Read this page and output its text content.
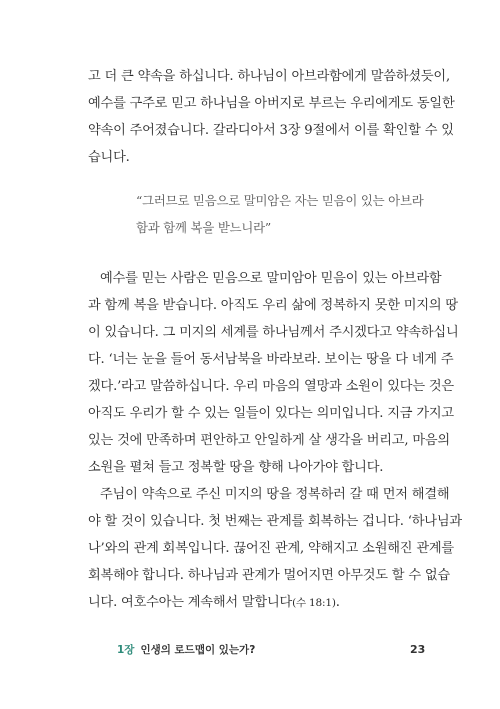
고 더 큰 약속을 하십니다. 하나님이 아브라함에게 말씀하셨듯이,
예수를 구주로 믿고 하나님을 아버지로 부르는 우리에게도 동일한
약속이 주어졌습니다. 갈라디아서 3장 9절에서 이를 확인할 수 있
습니다.
“그러므로 믿음으로 말미암은 자는 믿음이 있는 아브라
함과 함께 복을 받느니라”
예수를 믿는 사람은 믿음으로 말미암아 믿음이 있는 아브라함
과 함께 복을 받습니다. 아직도 우리 삶에 정복하지 못한 미지의 땅
이 있습니다. 그 미지의 세계를 하나님께서 주시겠다고 약속하십니
다. ‘너는 눈을 들어 동서남북을 바라보라. 보이는 땅을 다 네게 주
겠다.’라고 말씀하십니다. 우리 마음의 열망과 소원이 있다는 것은
아직도 우리가 할 수 있는 일들이 있다는 의미입니다. 지금 가지고
있는 것에 만족하며 편안하고 안일하게 살 생각을 버리고, 마음의
소원을 펼쳐 들고 정복할 땅을 향해 나아가야 합니다.
주님이 약속으로 주신 미지의 땅을 정복하러 갈 때 먼저 해결해
야 할 것이 있습니다. 첫 번째는 관계를 회복하는 겁니다. ‘하나님과
나’와의 관계 회복입니다. 끊어진 관계, 약해지고 소원해진 관계를
회복해야 합니다. 하나님과 관계가 멀어지면 아무것도 할 수 없습
니다. 여호수아는 계속해서 말합니다(수 18:1).
1장 인생의 로드맵이 있는가?	23
